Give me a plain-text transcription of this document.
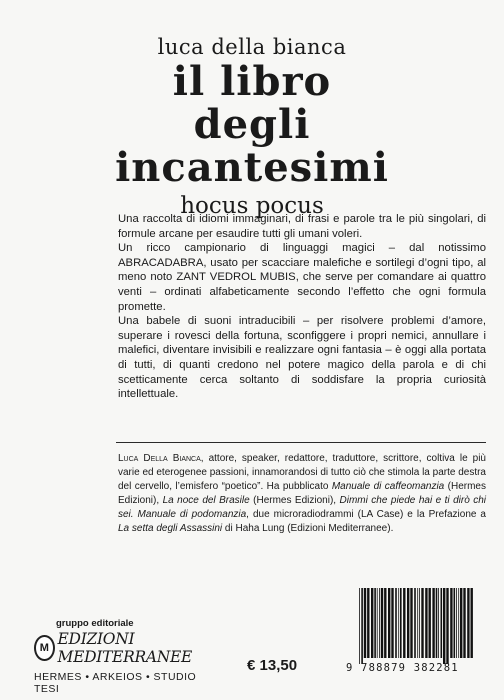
luca della bianca
il libro
degli
incantesimi
hocus pocus

Una raccolta di idiomi immaginari, di frasi e parole tra le più singolari, di formule arcane per esaudire tutti gli umani voleri.

Un ricco campionario di linguaggi magici – dal notissimo ABRACADABRA, usato per scacciare malefiche e sortilegi d’ogni tipo, al meno noto ZANT VEDROL MUBIS, che serve per comandare ai quattro venti – ordinati alfabeticamente secondo l’effetto che ogni formula promette.

Una babele di suoni intraducibili – per risolvere problemi d’amore, superare i rovesci della fortuna, sconfiggere i propri nemici, annullare i malefici, diventare invisibili e realizzare ogni fantasia – è oggi alla portata di tutti, di quanti credono nel potere magico della parola e di chi scetticamente cerca soltanto di soddisfare la propria curiosità intellettuale.

Luca Della Bianca, attore, speaker, redattore, traduttore, scrittore, coltiva le più varie ed eterogenee passioni, innamorandosi di tutto ciò che stimola la parte destra del cervello, l’emisfero “poetico”. Ha pubblicato Manuale di caffeomanzia (Hermes Edizioni), La noce del Brasile (Hermes Edizioni), Dimmi che piede hai e ti dirò chi sei. Manuale di podomanzia, due microradiodrammi (LA Case) e la Prefazione a La setta degli Assassini di Haha Lung (Edizioni Mediterranee).
gruppo editoriale
M EDIZIONI MEDITERRANEE
HERMES • ARKEIOS • STUDIO TESI
€ 13,50	9 788879 382281
